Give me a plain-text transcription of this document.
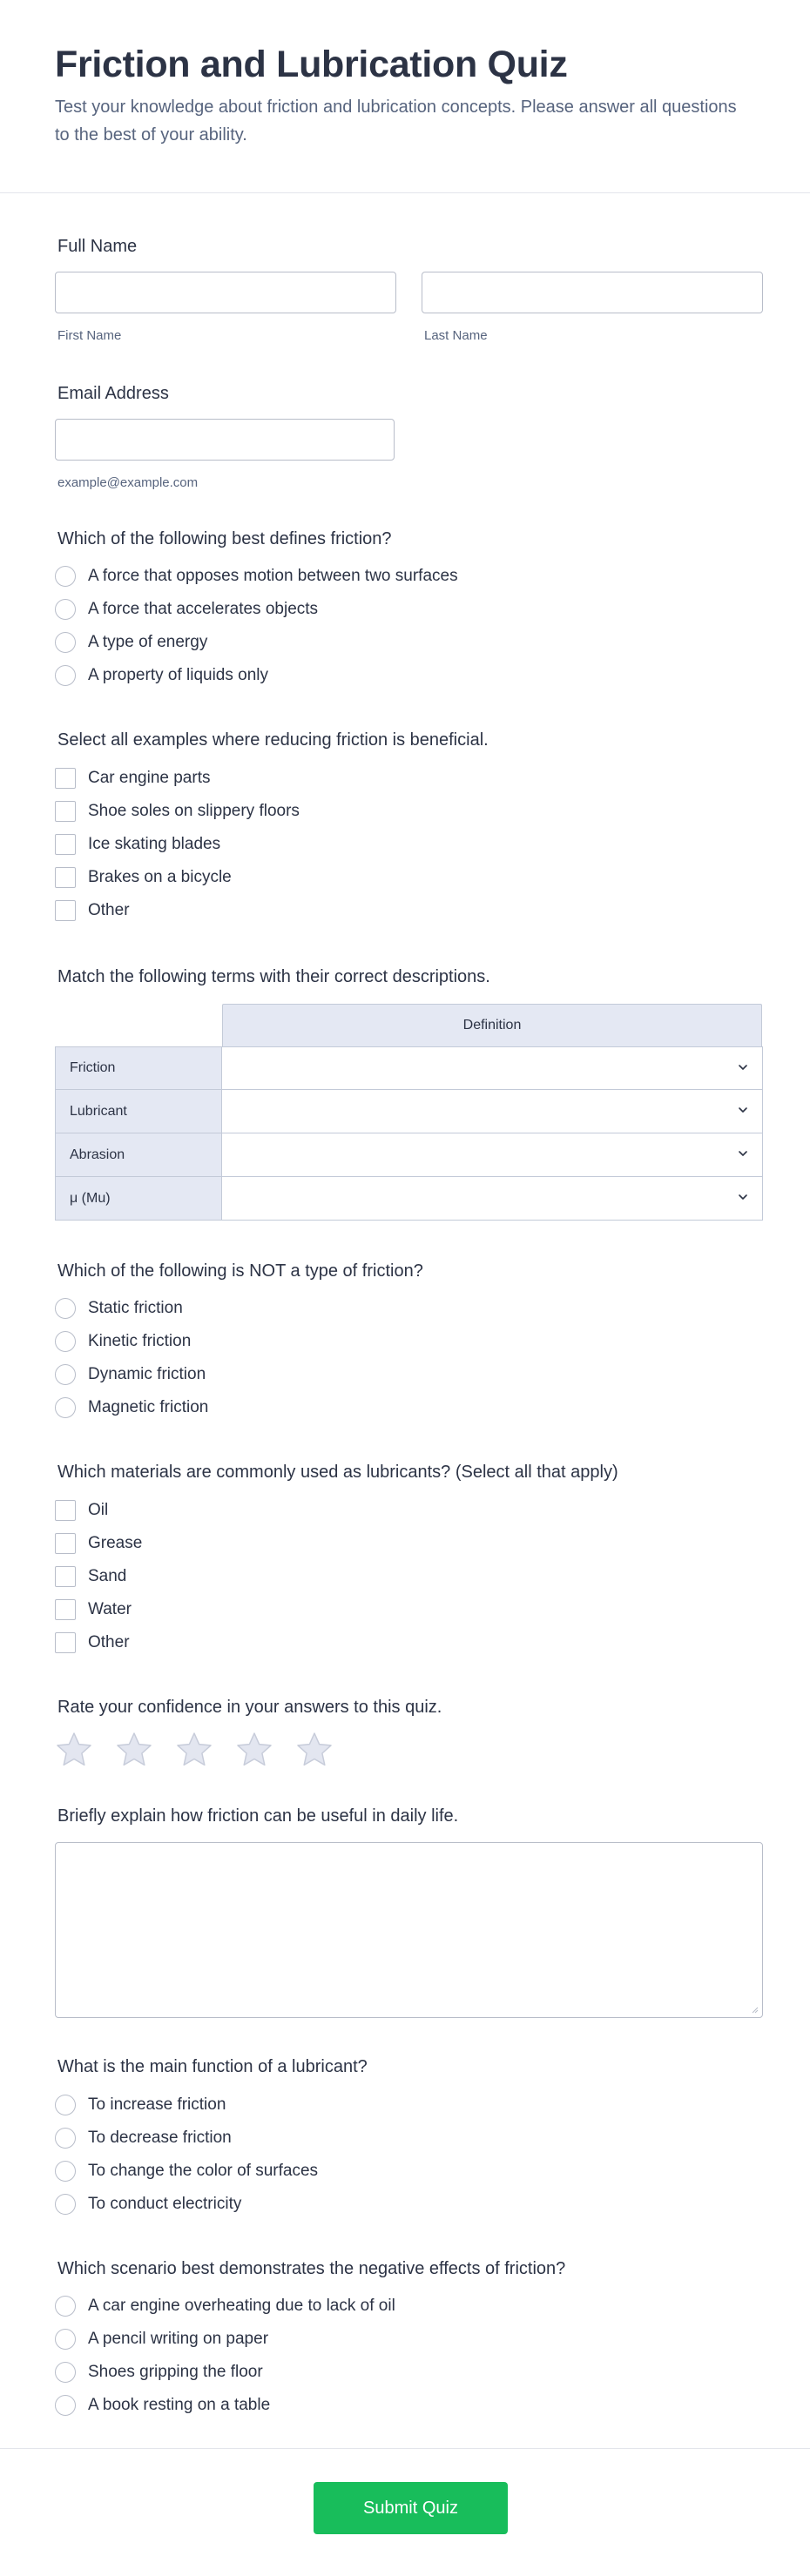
Friction and Lubrication Quiz
Test your knowledge about friction and lubrication concepts. Please answer all questions to the best of your ability.
Full Name
First Name	Last Name
Email Address
example@example.com
Which of the following best defines friction?
A force that opposes motion between two surfaces
A force that accelerates objects
A type of energy
A property of liquids only
Select all examples where reducing friction is beneficial.
Car engine parts
Shoe soles on slippery floors
Ice skating blades
Brakes on a bicycle
Other
Match the following terms with their correct descriptions.
Definition
Friction
Lubricant
Abrasion
μ (Mu)
Which of the following is NOT a type of friction?
Static friction
Kinetic friction
Dynamic friction
Magnetic friction
Which materials are commonly used as lubricants? (Select all that apply)
Oil
Grease
Sand
Water
Other
Rate your confidence in your answers to this quiz.
Briefly explain how friction can be useful in daily life.
What is the main function of a lubricant?
To increase friction
To decrease friction
To change the color of surfaces
To conduct electricity
Which scenario best demonstrates the negative effects of friction?
A car engine overheating due to lack of oil
A pencil writing on paper
Shoes gripping the floor
A book resting on a table
Submit Quiz
